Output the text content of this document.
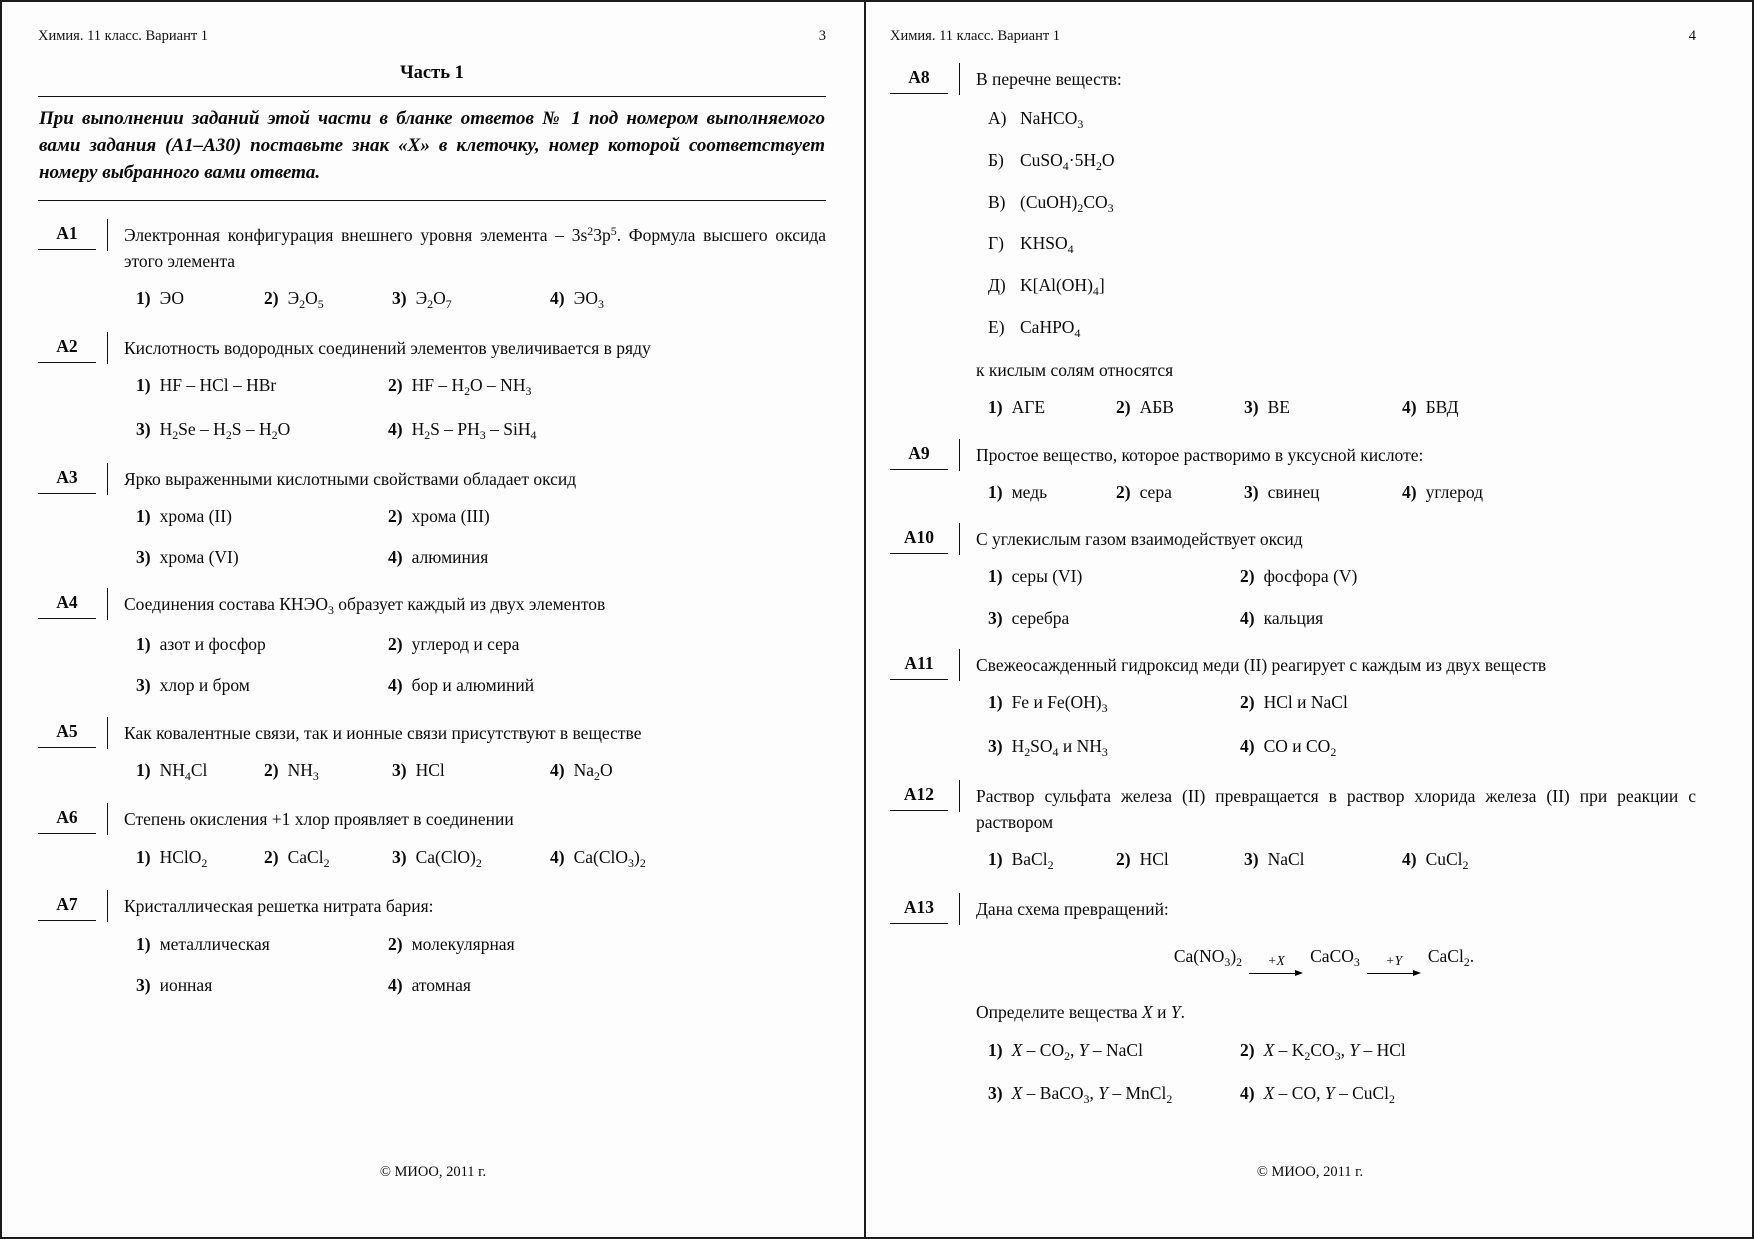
Химия. 11 класс. Вариант 1	3
Часть 1
При выполнении заданий этой части в бланке ответов № 1 под номером выполняемого вами задания (А1–А30) поставьте знак «Х» в клеточку, номер которой соответствует номеру выбранного вами ответа.
А1	Электронная конфигурация внешнего уровня элемента – $3s^23p^5$. Формула высшего оксида этого элемента
1) ЭО	2) $Э_2О_5$	3) $Э_2О_7$	4) $ЭО_3$
А2	Кислотность водородных соединений элементов увеличивается в ряду
1) HF – HCl – HBr	2) HF – $H_2O - NH_3$
3) $H_2Se - H_2S - H_2O$	4) $H_2S - PH_3 - SiH_4$
А3	Ярко выраженными кислотными свойствами обладает оксид
1) хрома (II)	2) хрома (III)
3) хрома (VI)	4) алюминия
А4	Соединения состава $КНЭО_3$ образует каждый из двух элементов
1) азот и фосфор	2) углерод и сера
3) хлор и бром	4) бор и алюминий
А5	Как ковалентные связи, так и ионные связи присутствуют в веществе
1) $NH_4Cl$	2) $NH_3$	3) HCl	4) $Na_2O$
А6	Степень окисления +1 хлор проявляет в соединении
1) HClO$_2$	2) CaCl$_2$	3) $Ca(ClO)_2$	4) $Ca(ClO_3)_2$
А7	Кристаллическая решетка нитрата бария:
1) металлическая	2) молекулярная
3) ионная	4) атомная
© МИОО, 2011 г.
Химия. 11 класс. Вариант 1	4
А8	В перечне веществ:
А) NaHCO$_3$
Б) $CuSO_4\cdot 5H_2O$
В) $(CuOH)_2CO_3$
Г) $KHSO_4$
Д) $K[Al(OH)_4]$
Е) CaHPO$_4$
к кислым солям относятся
1) АГЕ	2) АБВ	3) ВЕ	4) БВД
А9	Простое вещество, которое растворимо в уксусной кислоте:
1) медь	2) сера	3) свинец	4) углерод
А10	С углекислым газом взаимодействует оксид
1) серы (VI)	2) фосфора (V)
3) серебра	4) кальция
А11	Свежеосажденный гидроксид меди (II) реагирует с каждым из двух веществ
1) Fe и $Fe(OH)_3$	2) HCl и NaCl
3) $H_2SO_4$ и $NH_3$	4) CO и $CO_2$
А12	Раствор сульфата железа (II) превращается в раствор хлорида железа (II) при реакции с раствором
1) BaCl$_2$	2) HCl	3) NaCl	4) CuCl$_2$
А13	Дана схема превращений:
$Ca(NO_3)_2 +X$ CaCO$_3$ +Y CaCl$_2$.
Определите вещества X и Y.
1) X – $CO_2$, Y – NaCl	2) X – $K_2CO_3$, Y – HCl
3) X – BaCO$_3$, Y – MnCl$_2$	4) X – CO, Y – CuCl$_2$
© МИОО, 2011 г.
